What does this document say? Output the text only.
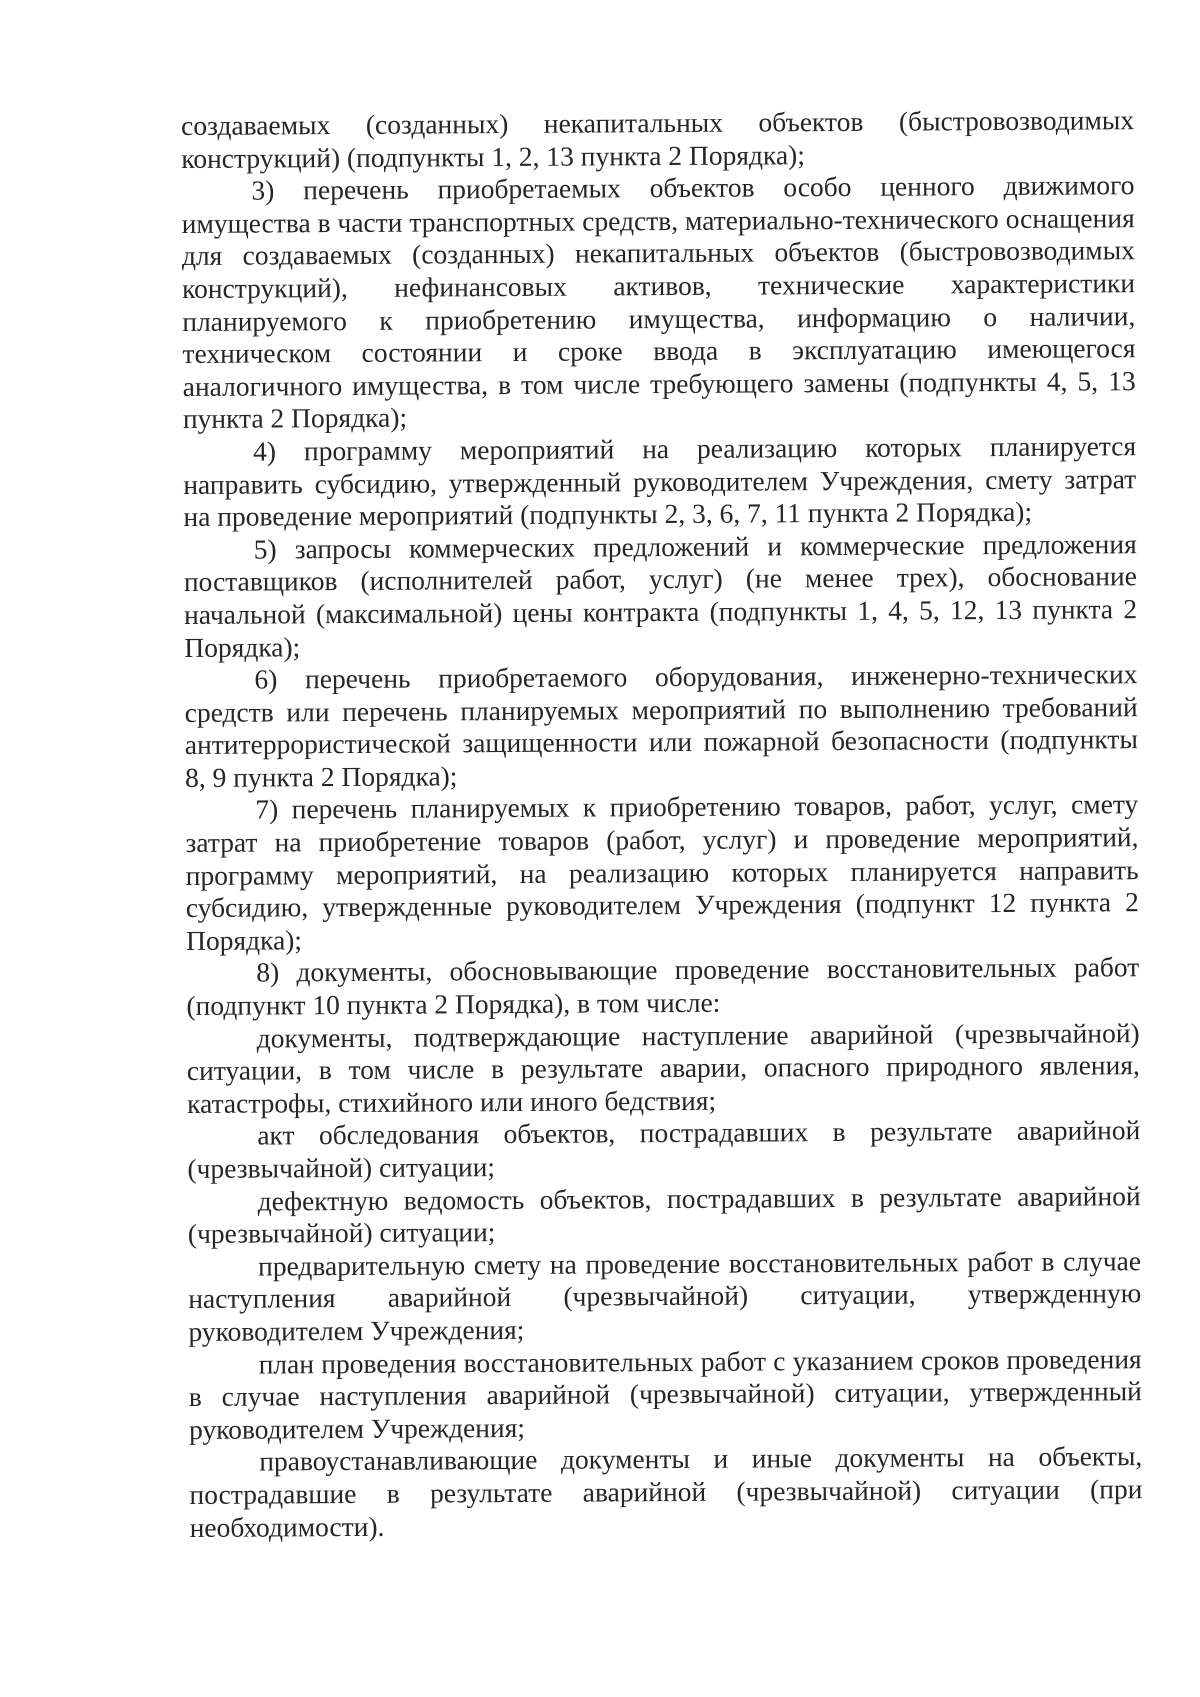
создаваемых (созданных) некапитальных объектов (быстровозводимых конструкций) (подпункты 1, 2, 13 пункта 2 Порядка);

3) перечень приобретаемых объектов особо ценного движимого имущества в части транспортных средств, материально-технического оснащения для создаваемых (созданных) некапитальных объектов (быстровозводимых конструкций), нефинансовых активов, технические характеристики планируемого к приобретению имущества, информацию о наличии, техническом состоянии и сроке ввода в эксплуатацию имеющегося аналогичного имущества, в том числе требующего замены (подпункты 4, 5, 13 пункта 2 Порядка);

4) программу мероприятий на реализацию которых планируется направить субсидию, утвержденный руководителем Учреждения, смету затрат на проведение мероприятий (подпункты 2, 3, 6, 7, 11 пункта 2 Порядка);

5) запросы коммерческих предложений и коммерческие предложения поставщиков (исполнителей работ, услуг) (не менее трех), обоснование начальной (максимальной) цены контракта (подпункты 1, 4, 5, 12, 13 пункта 2 Порядка);

6) перечень приобретаемого оборудования, инженерно-технических средств или перечень планируемых мероприятий по выполнению требований антитеррористической защищенности или пожарной безопасности (подпункты 8, 9 пункта 2 Порядка);

7) перечень планируемых к приобретению товаров, работ, услуг, смету затрат на приобретение товаров (работ, услуг) и проведение мероприятий, программу мероприятий, на реализацию которых планируется направить субсидию, утвержденные руководителем Учреждения (подпункт 12 пункта 2 Порядка);

8) документы, обосновывающие проведение восстановительных работ (подпункт 10 пункта 2 Порядка), в том числе:

документы, подтверждающие наступление аварийной (чрезвычайной) ситуации, в том числе в результате аварии, опасного природного явления, катастрофы, стихийного или иного бедствия;

акт обследования объектов, пострадавших в результате аварийной (чрезвычайной) ситуации;

дефектную ведомость объектов, пострадавших в результате аварийной (чрезвычайной) ситуации;

предварительную смету на проведение восстановительных работ в случае наступления аварийной (чрезвычайной) ситуации, утвержденную руководителем Учреждения;

план проведения восстановительных работ с указанием сроков проведения в случае наступления аварийной (чрезвычайной) ситуации, утвержденный руководителем Учреждения;

правоустанавливающие документы и иные документы на объекты, пострадавшие в результате аварийной (чрезвычайной) ситуации (при необходимости).
